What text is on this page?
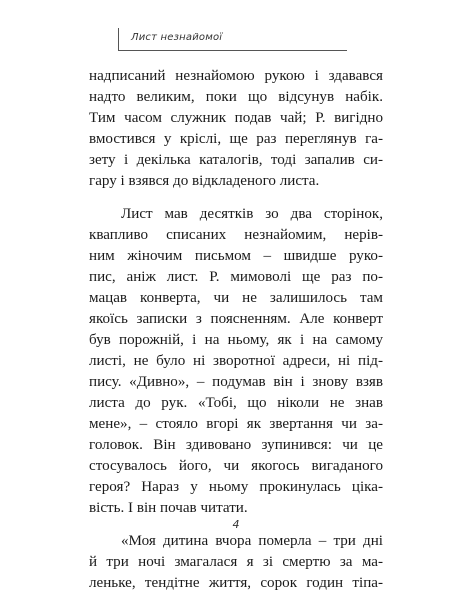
Лист незнайомої
надписаний незнайомою рукою і здавався
надто великим, поки що відсунув набік.
Тим часом служник подав чай; Р. вигідно
вмостився у кріслі, ще раз переглянув га-
зету і декілька каталогів, тоді запалив си-
гару і взявся до відкладеного листа.
Лист мав десятків зо два сторінок,
квапливо списаних незнайомим, нерів-
ним жіночим письмом – швидше руко-
пис, аніж лист. Р. мимоволі ще раз по-
мацав конверта, чи не залишилось там
якоїсь записки з поясненням. Але конверт
був порожній, і на ньому, як і на самому
листі, не було ні зворотної адреси, ні під-
пису. «Дивно», – подумав він і знову взяв
листа до рук. «Тобі, що ніколи не знав
мене», – стояло вгорі як звертання чи за-
головок. Він здивовано зупинився: чи це
стосувалось його, чи якогось вигаданого
героя? Нараз у ньому прокинулась ціка-
вість. І він почав читати.
«Моя дитина вчора померла – три дні
й три ночі змагалася я зі смертю за ма-
леньке, тендітне життя, сорок годин тіпа-
4
